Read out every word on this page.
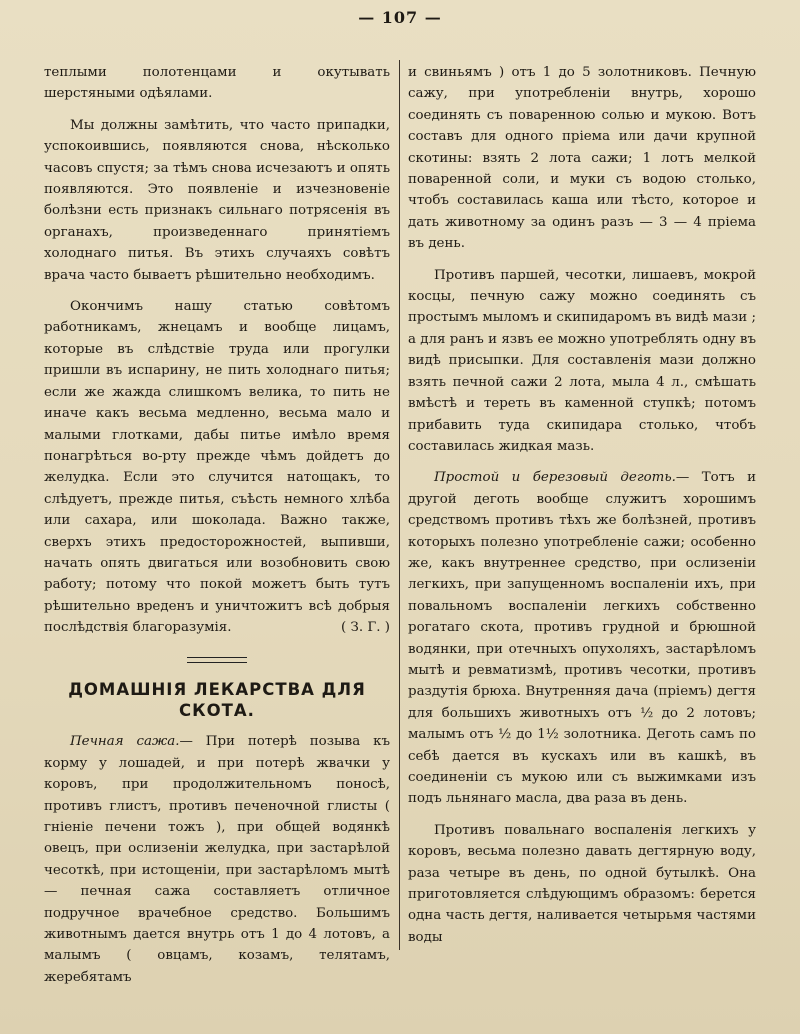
— 107 —

теплыми полотенцами и окутывать шерстяными одѣялами.

Мы должны замѣтить, что часто припадки, успокоившись, появляются снова, нѣсколько часовъ спустя; за тѣмъ снова исчезаютъ и опять появляются. Это появленіе и изчезновеніе болѣзни есть признакъ сильнаго потрясенія въ органахъ, произведеннаго принятіемъ холоднаго питья. Въ этихъ случаяхъ совѣтъ врача часто бываетъ рѣшительно необходимъ.

Окончимъ нашу статью совѣтомъ работникамъ, жнецамъ и вообще лицамъ, которые въ слѣдствіе труда или прогулки пришли въ испарину, не пить холоднаго питья; если же жажда слишкомъ велика, то пить не иначе какъ весьма медленно, весьма мало и малыми глотками, дабы питье имѣло время понагрѣться во-рту прежде чѣмъ дойдетъ до желудка. Если это случится натощакъ, то слѣдуетъ, прежде питья, съѣсть немного хлѣба или сахара, или шоколада. Важно также, сверхъ этихъ предосторожностей, выпивши, начать опять двигаться или возобновить свою работу; потому что покой можетъ быть тутъ рѣшительно вреденъ и уничтожитъ всѣ добрыя послѣдствія благоразумія.	( З. Г. )

ДОМАШНІЯ ЛЕКАРСТВА ДЛЯ СКОТА.

Печная сажа.— При потерѣ позыва къ корму у лошадей, и при потерѣ жвачки у коровъ, при продолжительномъ поносѣ, противъ глистъ, противъ печеночной глисты ( гніеніе печени тожъ ), при общей водянкѣ овецъ, при ослизеніи желудка, при застарѣлой чесоткѣ, при истощеніи, при застарѣломъ мытѣ — печная сажа составляетъ отличное подручное врачебное средство. Большимъ животнымъ дается внутрь отъ 1 до 4 лотовъ, а малымъ ( овцамъ, козамъ, телятамъ, жеребятамъ

и свиньямъ ) отъ 1 до 5 золотниковъ. Печную сажу, при употребленіи внутрь, хорошо соединять съ поваренною солью и мукою. Вотъ составъ для одного пріема или дачи крупной скотины: взять 2 лота сажи; 1 лотъ мелкой поваренной соли, и муки съ водою столько, чтобъ составилась каша или тѣсто, которое и дать животному за одинъ разъ — 3 — 4 пріема въ день.

Противъ паршей, чесотки, лишаевъ, мокрой косцы, печную сажу можно соединять съ простымъ мыломъ и скипидаромъ въ видѣ мази ; а для ранъ и язвъ ее можно употреблять одну въ видѣ присыпки. Для составленія мази должно взять печной сажи 2 лота, мыла 4 л., смѣшать вмѣстѣ и тереть въ каменной ступкѣ; потомъ прибавить туда скипидара столько, чтобъ составилась жидкая мазь.

Простой и березовый деготь.— Тотъ и другой деготь вообще служитъ хорошимъ средствомъ противъ тѣхъ же болѣзней, противъ которыхъ полезно употребленіе сажи; особенно же, какъ внутреннее средство, при ослизеніи легкихъ, при запущенномъ воспаленіи ихъ, при повальномъ воспаленіи легкихъ собственно рогатаго скота, противъ грудной и брюшной водянки, при отечныхъ опухоляхъ, застарѣломъ мытѣ и ревматизмѣ, противъ чесотки, противъ раздутія брюха. Внутренняя дача (пріемъ) дегтя для большихъ животныхъ отъ ½ до 2 лотовъ; малымъ отъ ½ до 1½ золотника. Деготь самъ по себѣ дается въ кускахъ или въ кашкѣ, въ соединеніи съ мукою или съ выжимками изъ подъ льнянаго масла, два раза въ день.

Противъ повальнаго воспаленія легкихъ у коровъ, весьма полезно давать дегтярную воду, раза четыре въ день, по одной бутылкѣ. Она приготовляется слѣдующимъ образомъ: берется одна часть дегтя, наливается четырьмя частями воды
